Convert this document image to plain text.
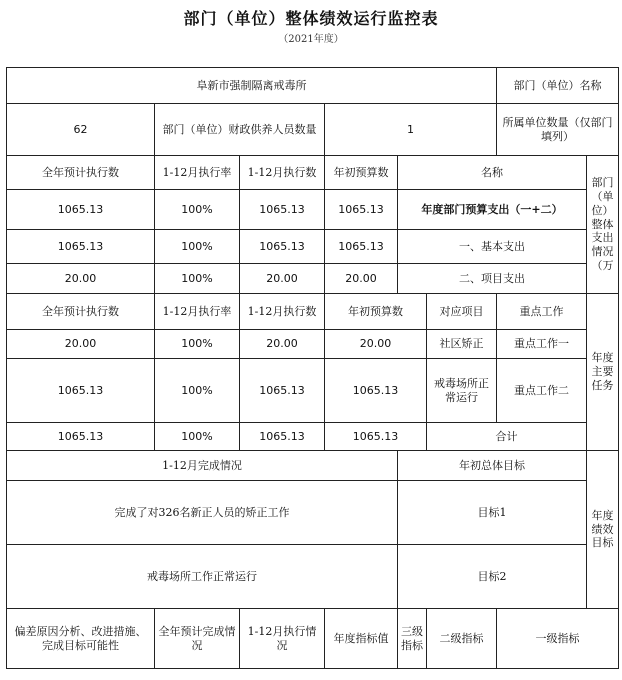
部门（单位）整体绩效运行监控表
（2021年度）
阜新市强制隔离戒毒所						部门（单位）名称	
62	部门（单位）财政供养人员数量		1			所属单位数量（仅部门填列）	
全年预计执行数	1-12月执行率	1-12月执行数	年初预算数	名称			部门（单位）整体支出情况（万
1065.13	100%	1065.13	1065.13	年度部门预算支出（一+二）			
1065.13	100%	1065.13	1065.13	一、基本支出			
20.00	100%	20.00	20.00	二、项目支出			
全年预计执行数	1-12月执行率	1-12月执行数	年初预算数		对应项目	重点工作	年度主要任务
20.00	100%	20.00	20.00		社区矫正	重点工作一	
1065.13	100%	1065.13	1065.13		戒毒场所正常运行	重点工作二	
1065.13	100%	1065.13	1065.13		合计		
1-12月完成情况				年初总体目标			年度绩效目标
完成了对326名新正人员的矫正工作				目标1			
戒毒场所工作正常运行				目标2			
偏差原因分析、改进措施、完成目标可能性	全年预计完成情况	1-12月执行情况	年度指标值	三级指标	二级指标	一级指标	
